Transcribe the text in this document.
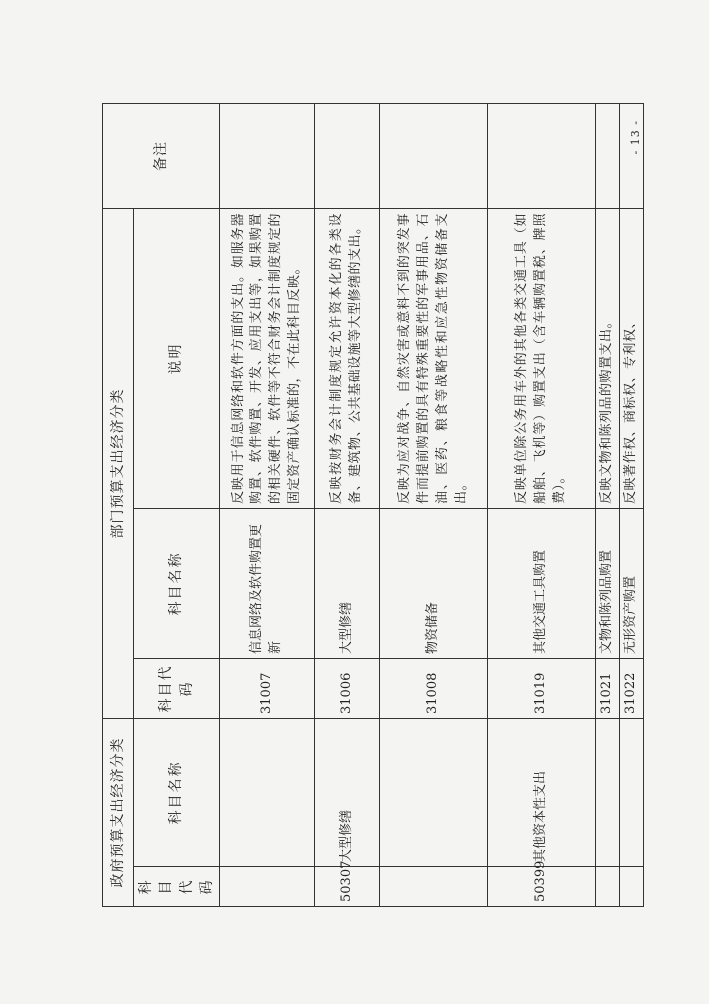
- 13 -
政府预算支出经济分类		部门预算支出经济分类			备注
科目代码	科目名称	科目代码	科目名称	说明	
		31007	信息网络及软件购置更新	反映用于信息网络和软件方面的支出。如服务器购置、软件购置、开发、应用支出等，如果购置的相关硬件、软件等不符合财务会计制度规定的固定资产确认标准的，不在此科目反映。	
50307	大型修缮	31006	大型修缮	反映按财务会计制度规定允许资本化的各类设备、建筑物、公共基础设施等大型修缮的支出。	
		31008	物资储备	反映为应对战争、自然灾害或意料不到的突发事件而提前购置的具有特殊重要性的军事用品、石油、医药、粮食等战略性和应急性物资储备支出。	
50399	其他资本性支出	31019	其他交通工具购置	反映单位除公务用车外的其他各类交通工具（如船舶、飞机等）购置支出（含车辆购置税、牌照费）。	
		31021	文物和陈列品购置	反映文物和陈列品的购置支出。	
		31022	无形资产购置	反映著作权、商标权、专利权、	
